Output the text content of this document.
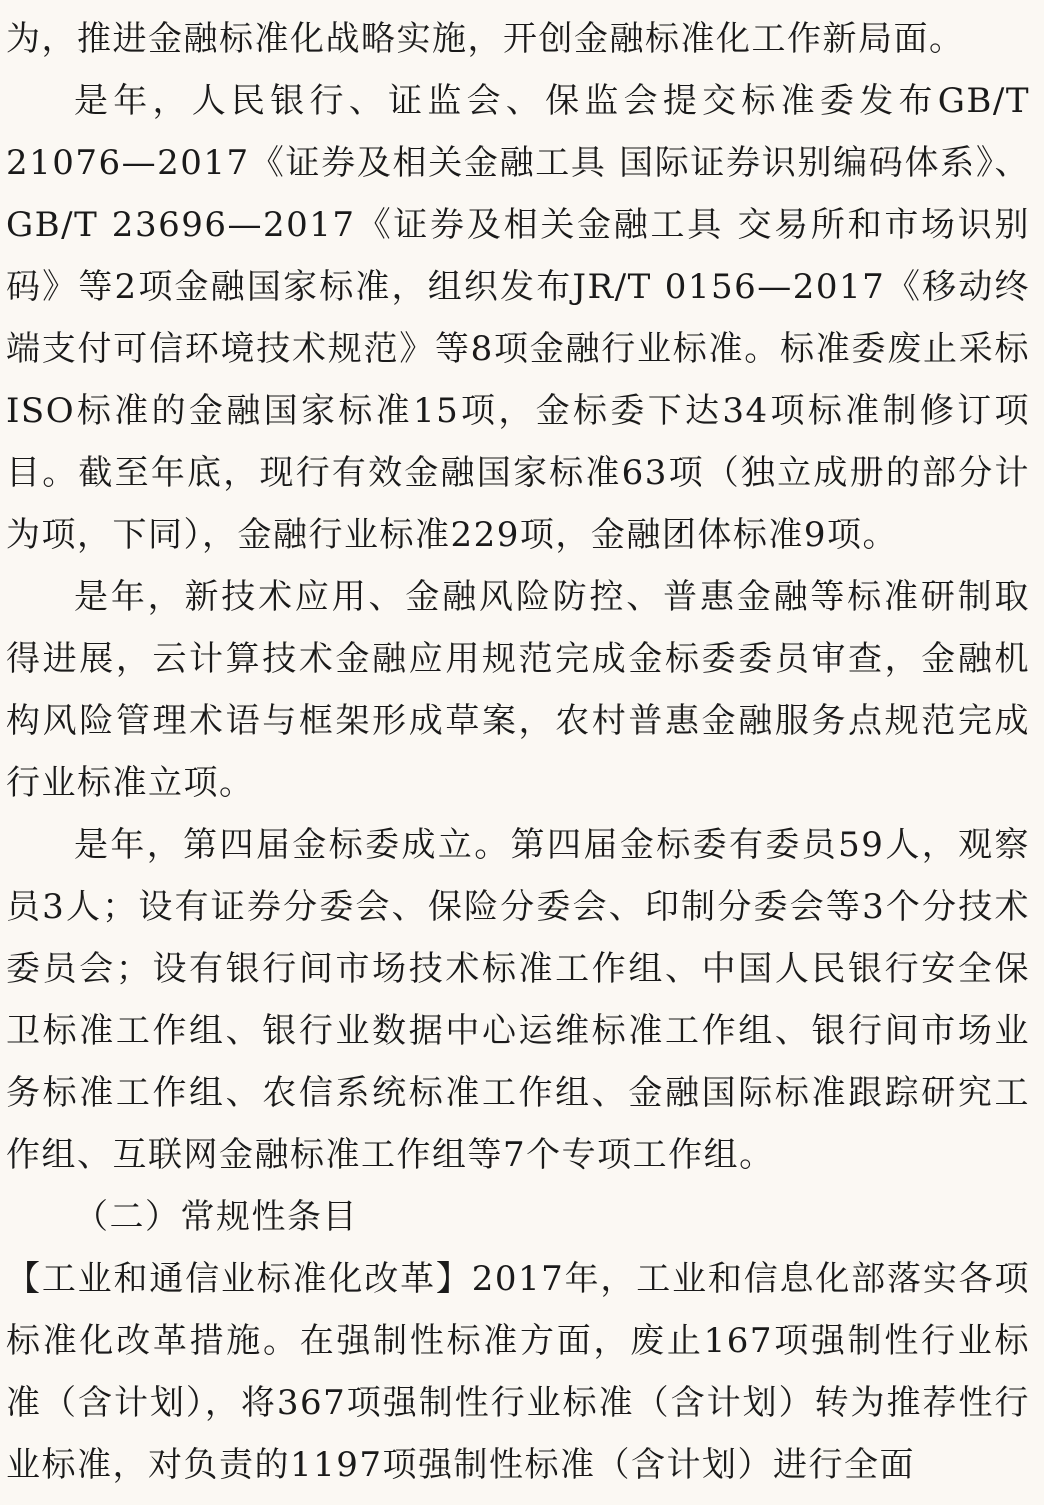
为，推进金融标准化战略实施，开创金融标准化工作新局面。

是年，人民银行、证监会、保监会提交标准委发布GB/T 21076—2017《证券及相关金融工具 国际证券识别编码体系》、GB/T 23696—2017《证券及相关金融工具 交易所和市场识别码》等2项金融国家标准，组织发布JR/T 0156—2017《移动终端支付可信环境技术规范》等8项金融行业标准。标准委废止采标ISO标准的金融国家标准15项，金标委下达34项标准制修订项目。截至年底，现行有效金融国家标准63项（独立成册的部分计为项，下同），金融行业标准229项，金融团体标准9项。

是年，新技术应用、金融风险防控、普惠金融等标准研制取得进展，云计算技术金融应用规范完成金标委委员审查，金融机构风险管理术语与框架形成草案，农村普惠金融服务点规范完成行业标准立项。

是年，第四届金标委成立。第四届金标委有委员59人，观察员3人；设有证券分委会、保险分委会、印制分委会等3个分技术委员会；设有银行间市场技术标准工作组、中国人民银行安全保卫标准工作组、银行业数据中心运维标准工作组、银行间市场业务标准工作组、农信系统标准工作组、金融国际标准跟踪研究工作组、互联网金融标准工作组等7个专项工作组。

（二）常规性条目

【工业和通信业标准化改革】2017年，工业和信息化部落实各项标准化改革措施。在强制性标准方面，废止167项强制性行业标准（含计划），将367项强制性行业标准（含计划）转为推荐性行业标准，对负责的1197项强制性标准（含计划）进行全面
